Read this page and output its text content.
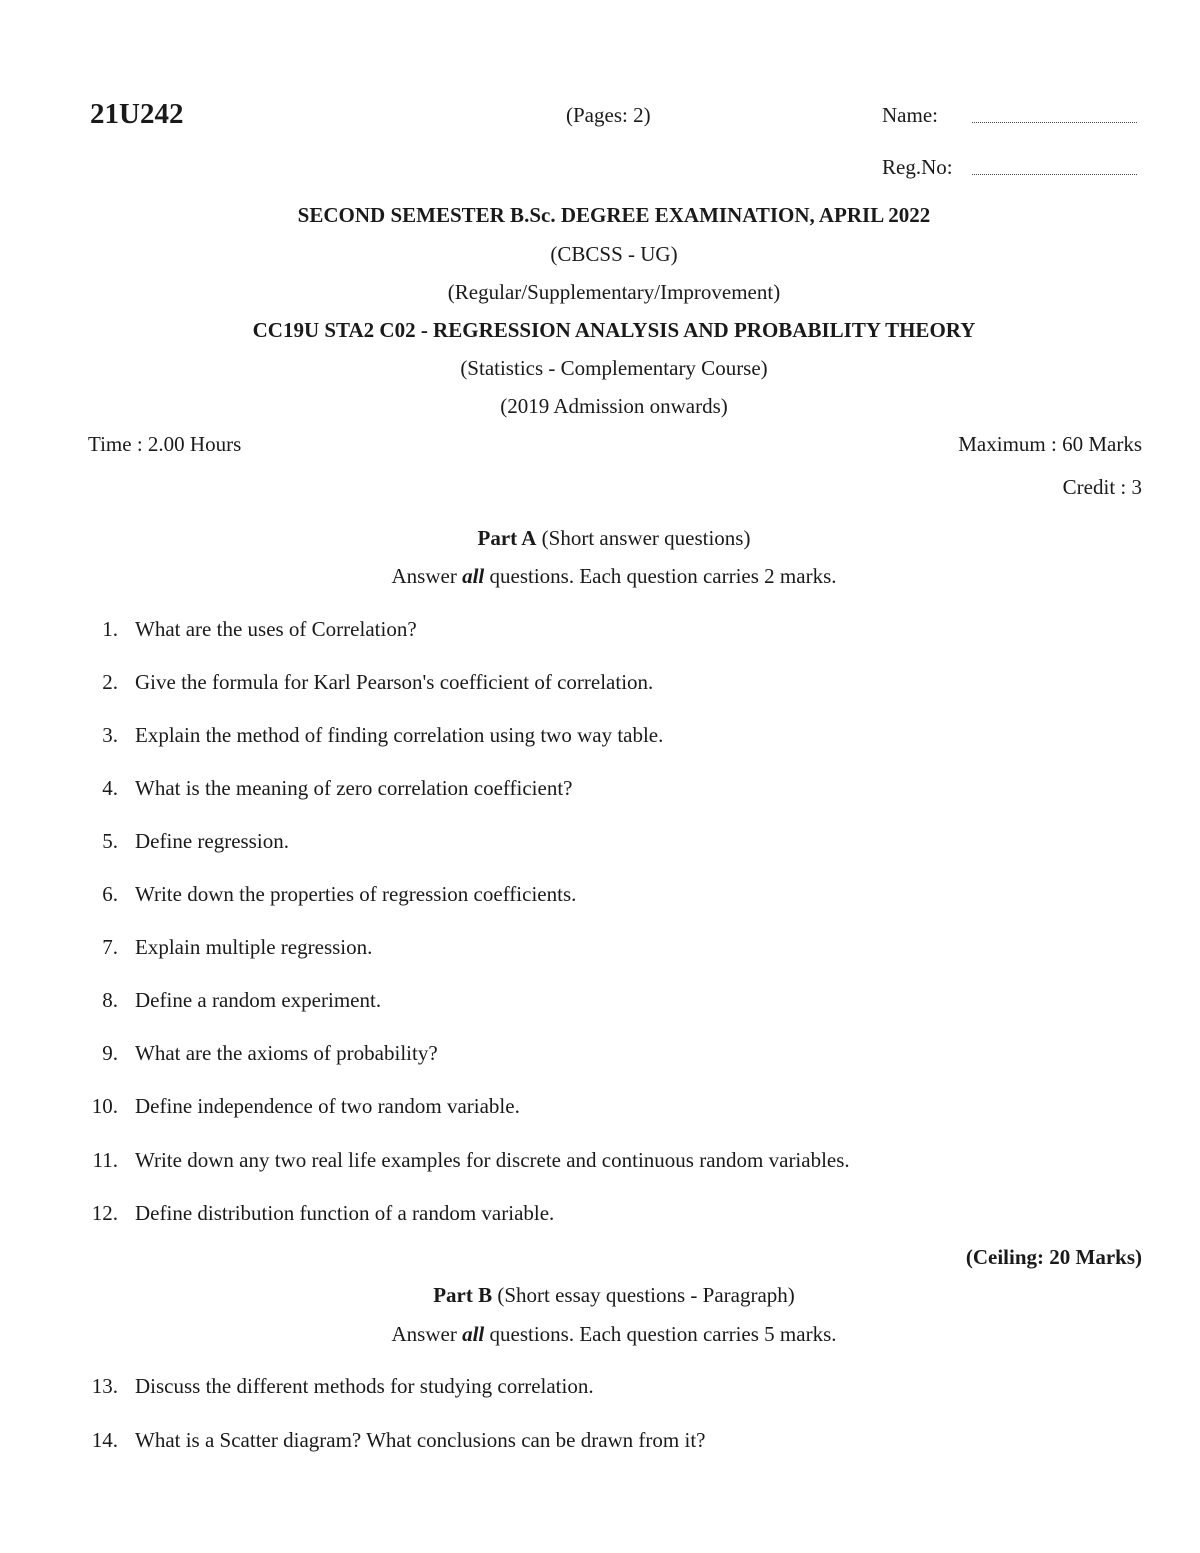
21U242	(Pages: 2)	Name:
Reg.No:
SECOND SEMESTER B.Sc. DEGREE EXAMINATION, APRIL 2022
(CBCSS - UG)
(Regular/Supplementary/Improvement)
CC19U STA2 C02 - REGRESSION ANALYSIS AND PROBABILITY THEORY
(Statistics - Complementary Course)
(2019 Admission onwards)
Time : 2.00 Hours	Maximum : 60 Marks
Credit : 3
Part A (Short answer questions)
Answer all questions. Each question carries 2 marks.
1. What are the uses of Correlation?
2. Give the formula for Karl Pearson's coefficient of correlation.
3. Explain the method of finding correlation using two way table.
4. What is the meaning of zero correlation coefficient?
5. Define regression.
6. Write down the properties of regression coefficients.
7. Explain multiple regression.
8. Define a random experiment.
9. What are the axioms of probability?
10. Define independence of two random variable.
11. Write down any two real life examples for discrete and continuous random variables.
12. Define distribution function of a random variable.
(Ceiling: 20 Marks)
Part B (Short essay questions - Paragraph)
Answer all questions. Each question carries 5 marks.
13. Discuss the different methods for studying correlation.
14. What is a Scatter diagram? What conclusions can be drawn from it?
